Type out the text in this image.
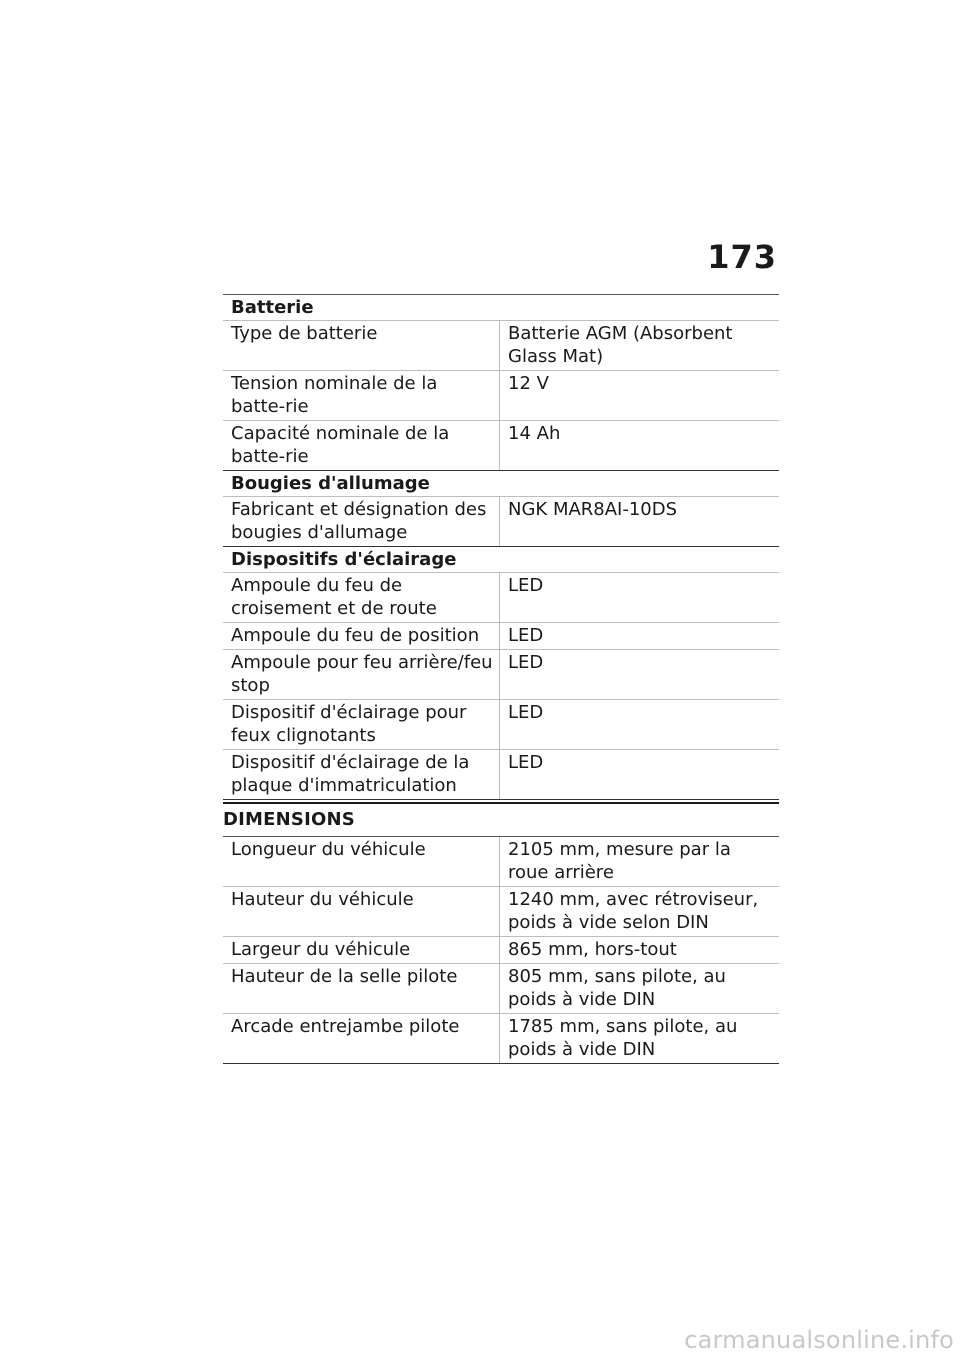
173
Batterie	
Type de batterie	Batterie AGM (Absorbent Glass Mat)
Tension nominale de la batte-rie	12 V
Capacité nominale de la batte-rie	14 Ah
Bougies d'allumage	
Fabricant et désignation des bougies d'allumage	NGK MAR8AI-10DS
Dispositifs d'éclairage	
Ampoule du feu de croisement et de route	LED
Ampoule du feu de position	LED
Ampoule pour feu arrière/feu stop	LED
Dispositif d'éclairage pour feux clignotants	LED
Dispositif d'éclairage de la plaque d'immatriculation	LED
DIMENSIONS
Longueur du véhicule	2105 mm, mesure par la roue arrière
Hauteur du véhicule	1240 mm, avec rétroviseur, poids à vide selon DIN
Largeur du véhicule	865 mm, hors-tout
Hauteur de la selle pilote	805 mm, sans pilote, au poids à vide DIN
Arcade entrejambe pilote	1785 mm, sans pilote, au poids à vide DIN
carmanualsonline.info
